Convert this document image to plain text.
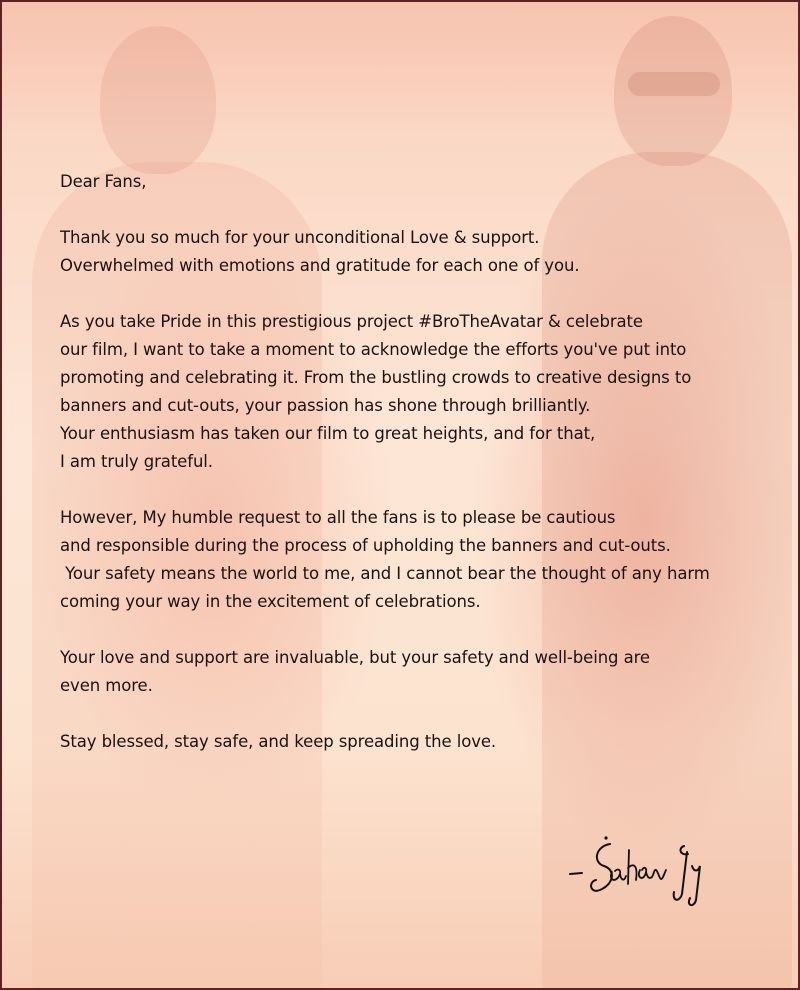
Dear Fans,

Thank you so much for your unconditional Love & support.
Overwhelmed with emotions and gratitude for each one of you.

As you take Pride in this prestigious project #BroTheAvatar & celebrate
our film, I want to take a moment to acknowledge the efforts you've put into
promoting and celebrating it. From the bustling crowds to creative designs to
banners and cut-outs, your passion has shone through brilliantly.
Your enthusiasm has taken our film to great heights, and for that,
I am truly grateful.

However, My humble request to all the fans is to please be cautious
and responsible during the process of upholding the banners and cut-outs.
Your safety means the world to me, and I cannot bear the thought of any harm
coming your way in the excitement of celebrations.

Your love and support are invaluable, but your safety and well-being are
even more.

Stay blessed, stay safe, and keep spreading the love.
